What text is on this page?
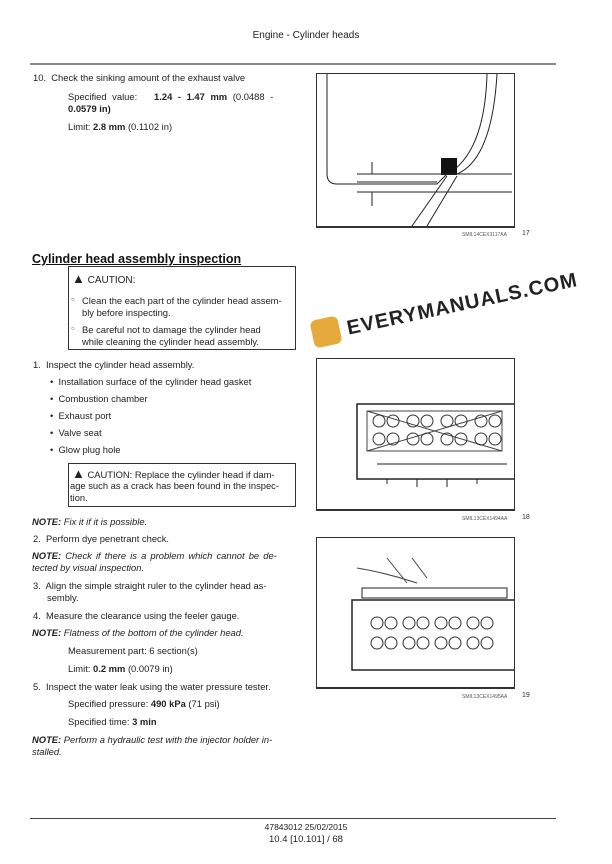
Engine - Cylinder heads
10. Check the sinking amount of the exhaust valve
Specified value: 1.24 - 1.47 mm (0.0488 -
0.0579 in)
Limit: 2.8 mm (0.1102 in)
SMIL14CEX3117AA 17
Cylinder head assembly inspection
▲ CAUTION:
○ Clean the each part of the cylinder head assem-
bly before inspecting.
○ Be careful not to damage the cylinder head
while cleaning the cylinder head assembly.
1. Inspect the cylinder head assembly.
•  Installation surface of the cylinder head gasket
•  Combustion chamber
•  Exhaust port
•  Valve seat
•  Glow plug hole
▲ CAUTION: Replace the cylinder head if dam-
age such as a crack has been found in the inspec-
tion.
NOTE: Fix it if it is possible.
2. Perform dye penetrant check.
NOTE: Check if there is a problem which cannot be de-
tected by visual inspection.
3. Align the simple straight ruler to the cylinder head as-
sembly.
4. Measure the clearance using the feeler gauge.
NOTE: Flatness of the bottom of the cylinder head.
Measurement part: 6 section(s)
Limit: 0.2 mm (0.0079 in)
5. Inspect the water leak using the water pressure tester.
Specified pressure: 490 kPa (71 psi)
Specified time: 3 min
NOTE: Perform a hydraulic test with the injector holder in-
stalled.
SMIL13CEX1494AA 18
SMIL13CEX1495AA 19
EVERYMANUALS.COM
47843012 25/02/2015
10.4 [10.101] / 68
